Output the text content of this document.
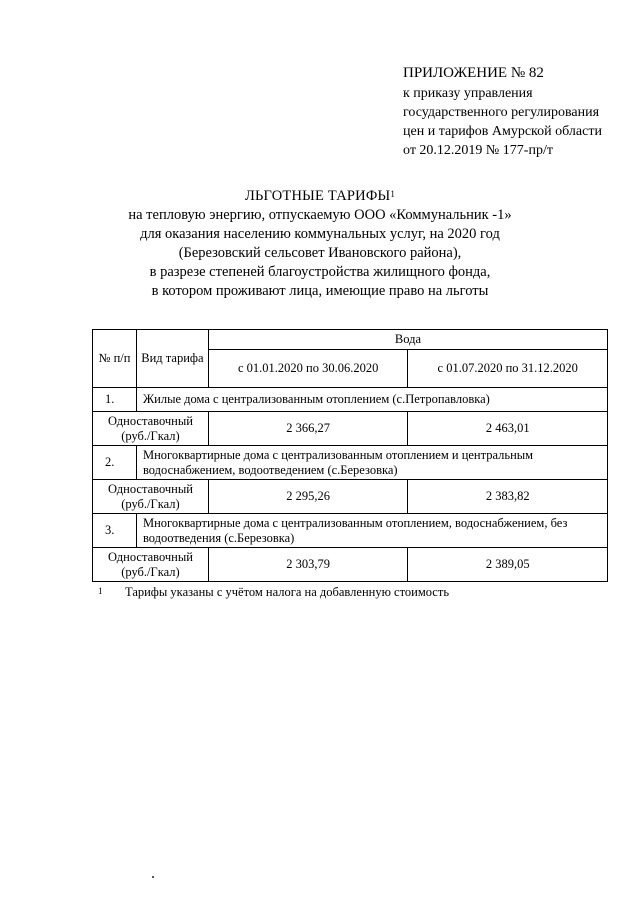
ПРИЛОЖЕНИЕ № 82
к приказу управления
государственного регулирования
цен и тарифов Амурской области
от 20.12.2019 № 177-пр/т
ЛЬГОТНЫЕ ТАРИФЫ$^1$
на тепловую энергию, отпускаемую ООО «Коммунальник -1»
для оказания населению коммунальных услуг, на 2020 год
(Березовский сельсовет Ивановского района),
в разрезе степеней благоустройства жилищного фонда,
в котором проживают лица, имеющие право на льготы
№ п/п	Вид тарифа	Вода	
		с 01.01.2020 по 30.06.2020	с 01.07.2020 по 31.12.2020
1.	Жилые дома с централизованным отоплением (с.Петропавловка)		
Одноставочный (руб./Гкал)		2 366,27	2 463,01
2.	Многоквартирные дома с централизованным отоплением и центральным водоснабжением, водоотведением (с.Березовка)		
Одноставочный (руб./Гкал)		2 295,26	2 383,82
3.	Многоквартирные дома с централизованным отоплением, водоснабжением, без водоотведения (с.Березовка)		
Одноставочный (руб./Гкал)		2 303,79	2 389,05
1 Тарифы указаны с учётом налога на добавленную стоимость
